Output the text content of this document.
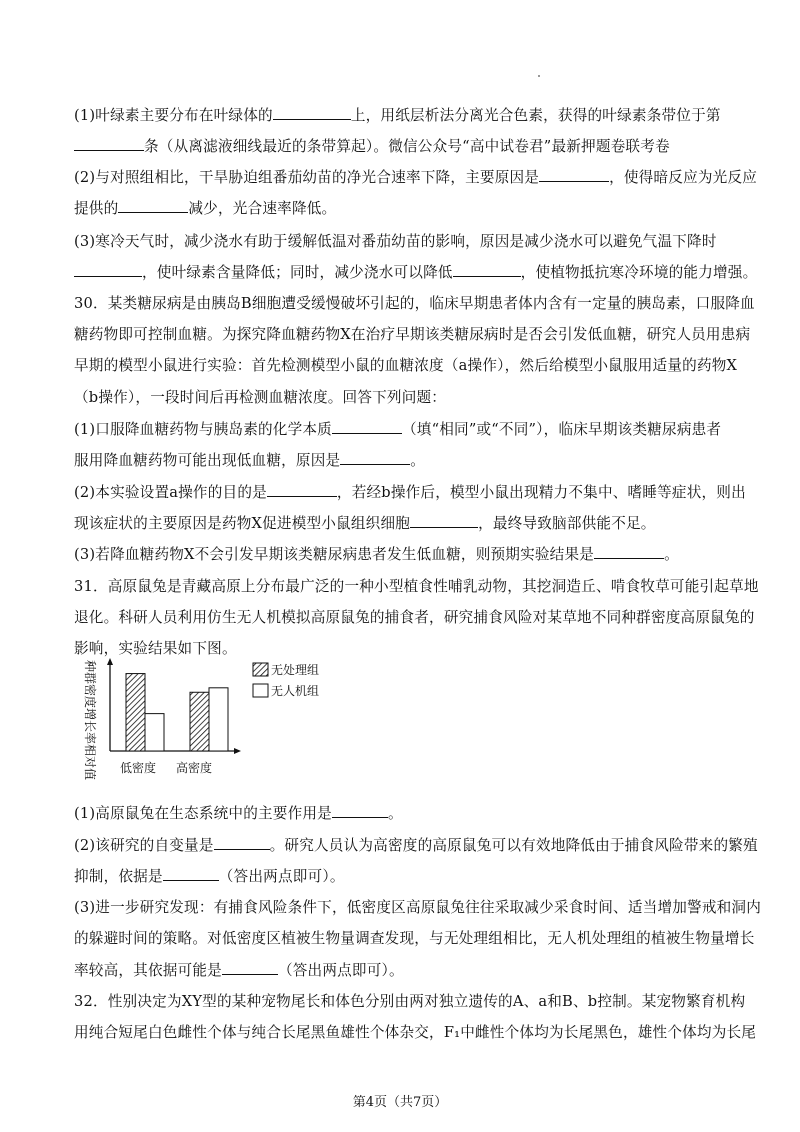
(1)叶绿素主要分布在叶绿体的	上，用纸层析法分离光合色素，获得的叶绿素条带位于第
条（从离滤液细线最近的条带算起）。微信公众号“高中试卷君”最新押题卷联考卷
(2)与对照组相比，干旱胁迫组番茄幼苗的净光合速率下降，主要原因是	，使得暗反应为光反应
提供的	减少，光合速率降低。
(3)寒冷天气时，减少浇水有助于缓解低温对番茄幼苗的影响，原因是减少浇水可以避免气温下降时
，使叶绿素含量降低；同时，减少浇水可以降低	，使植物抵抗寒冷环境的能力增强。
30．某类糖尿病是由胰岛B细胞遭受缓慢破坏引起的，临床早期患者体内含有一定量的胰岛素，口服降血
糖药物即可控制血糖。为探究降血糖药物X在治疗早期该类糖尿病时是否会引发低血糖，研究人员用患病
早期的模型小鼠进行实验：首先检测模型小鼠的血糖浓度（a操作），然后给模型小鼠服用适量的药物X
（b操作），一段时间后再检测血糖浓度。回答下列问题：
(1)口服降血糖药物与胰岛素的化学本质	（填“相同”或“不同”），临床早期该类糖尿病患者
服用降血糖药物可能出现低血糖，原因是	。
(2)本实验设置a操作的目的是	，若经b操作后，模型小鼠出现精力不集中、嗜睡等症状，则出
现该症状的主要原因是药物X促进模型小鼠组织细胞	，最终导致脑部供能不足。
(3)若降血糖药物X不会引发早期该类糖尿病患者发生低血糖，则预期实验结果是	。
31．高原鼠兔是青藏高原上分布最广泛的一种小型植食性哺乳动物，其挖洞造丘、啃食牧草可能引起草地
退化。科研人员利用仿生无人机模拟高原鼠兔的捕食者，研究捕食风险对某草地不同种群密度高原鼠兔的
影响，实验结果如下图。
(1)高原鼠兔在生态系统中的主要作用是	。
(2)该研究的自变量是	。研究人员认为高密度的高原鼠兔可以有效地降低由于捕食风险带来的繁殖
抑制，依据是	（答出两点即可）。
(3)进一步研究发现：有捕食风险条件下，低密度区高原鼠兔往往采取减少采食时间、适当增加警戒和洞内
的躲避时间的策略。对低密度区植被生物量调查发现，与无处理组相比，无人机处理组的植被生物量增长
率较高，其依据可能是	（答出两点即可）。
32．性别决定为XY型的某种宠物尾长和体色分别由两对独立遗传的A、a和B、b控制。某宠物繁育机构
用纯合短尾白色雌性个体与纯合长尾黑鱼雄性个体杂交，F₁中雌性个体均为长尾黑色，雄性个体均为长尾
种群密度增长率相对值 低密度 高密度
无处理组
无人机组
第4页（共7页）
